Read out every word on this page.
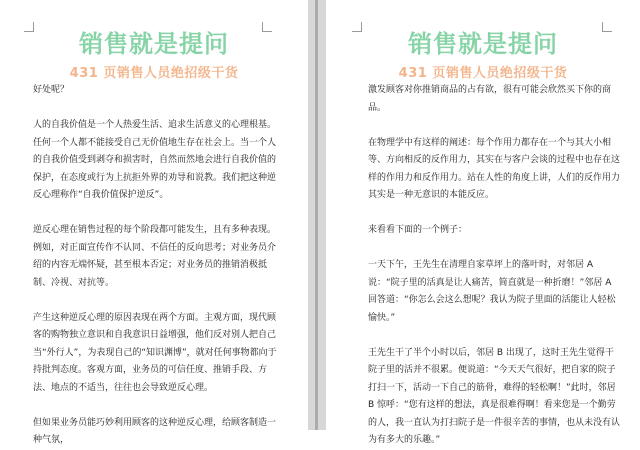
销售就是提问
431 页销售人员绝招级干货

好处呢？

人的自我价值是一个人热爱生活、追求生活意义的心理根基。任何一个人都不能接受自己无价值地生存在社会上。当一个人的自我价值受到剥夺和损害时，自然而然地会进行自我价值的保护，在态度或行为上抗拒外界的劝导和说教。我们把这种逆反心理称作“自我价值保护逆反”。

逆反心理在销售过程的每个阶段都可能发生，且有多种表现。例如，对正面宣传作不认同、不信任的反向思考；对业务员介绍的内容无端怀疑，甚至根本否定；对业务员的推销消极抵制、冷视、对抗等。

产生这种逆反心理的原因表现在两个方面。主观方面，现代顾客的购物独立意识和自我意识日益增强，他们反对别人把自己当“外行人”，为表现自己的“知识渊博”，就对任何事物都向于持批判态度。客观方面，业务员的可信任度、推销手段、方法、地点的不适当，往往也会导致逆反心理。

但如果业务员能巧妙利用顾客的这种逆反心理，给顾客制造一种气氛，

销售就是提问
431 页销售人员绝招级干货

激发顾客对你推销商品的占有欲，很有可能会欣然买下你的商品。

在物理学中有这样的阐述：每个作用力都存在一个与其大小相等、方向相反的反作用力，其实在与客户会谈的过程中也存在这样的作用力和反作用力。站在人性的角度上讲，人们的反作用力其实是一种无意识的本能反应。

来看看下面的一个例子：

一天下午，王先生在清理自家草坪上的落叶时，对邻居 A 说：“院子里的活真是让人痛苦，简直就是一种折磨！”邻居 A 回答道：“你怎么会这么想呢？我认为院子里面的活能让人轻松愉快。”

王先生干了半个小时以后，邻居 B 出现了，这时王先生觉得干院子里的活并不很累。便说道：“今天天气很好，把自家的院子打扫一下，活动一下自己的筋骨，难得的轻松啊！”此时，邻居 B 惊呼：“您有这样的想法，真是很难得啊！看来您是一个勤劳的人，我一直认为打扫院子是一件很辛苦的事情，也从未没有认为有多大的乐趣。”
